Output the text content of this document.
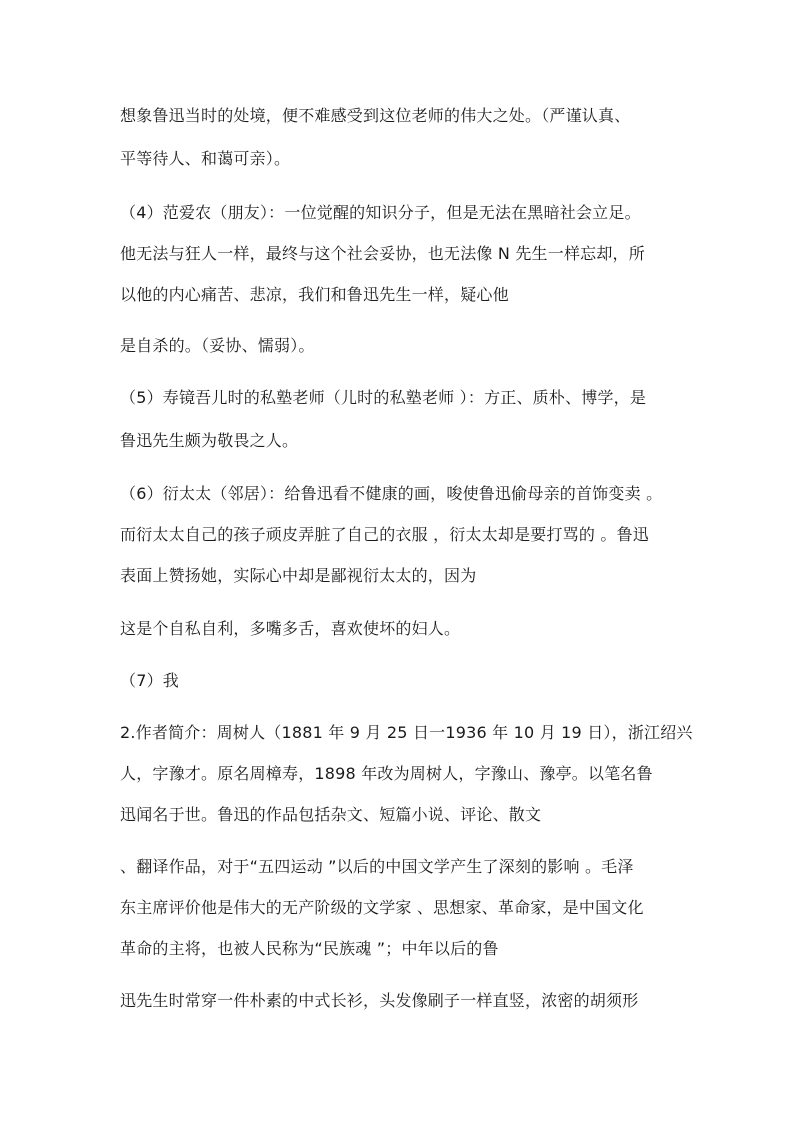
想象鲁迅当时的处境，便不难感受到这位老师的伟大之处。（严谨认真、
平等待人、和蔼可亲）。
（4）范爱农（朋友）：一位觉醒的知识分子，但是无法在黑暗社会立足。
他无法与狂人一样，最终与这个社会妥协，也无法像 N 先生一样忘却，所
以他的内心痛苦、悲凉，我们和鲁迅先生一样，疑心他
是自杀的。（妥协、懦弱）。
（5）寿镜吾儿时的私塾老师（儿时的私塾老师 ）：方正、质朴、博学，是
鲁迅先生颇为敬畏之人。
（6）衍太太（邻居）：给鲁迅看不健康的画，唆使鲁迅偷母亲的首饰变卖 。
而衍太太自己的孩子顽皮弄脏了自己的衣服 ，衍太太却是要打骂的 。鲁迅
表面上赞扬她，实际心中却是鄙视衍太太的，因为
这是个自私自利，多嘴多舌，喜欢使坏的妇人。
（7）我
2.作者简介：周树人（1881 年 9 月 25 日一1936 年 10 月 19 日），浙江绍兴
人，字豫才。原名周樟寿，1898 年改为周树人，字豫山、豫亭。以笔名鲁
迅闻名于世。鲁迅的作品包括杂文、短篇小说、评论、散文
、翻译作品，对于“五四运动 ”以后的中国文学产生了深刻的影响 。毛泽
东主席评价他是伟大的无产阶级的文学家 、思想家、革命家，是中国文化
革命的主将，也被人民称为“民族魂 ”；中年以后的鲁
迅先生时常穿一件朴素的中式长衫，头发像刷子一样直竖，浓密的胡须形
